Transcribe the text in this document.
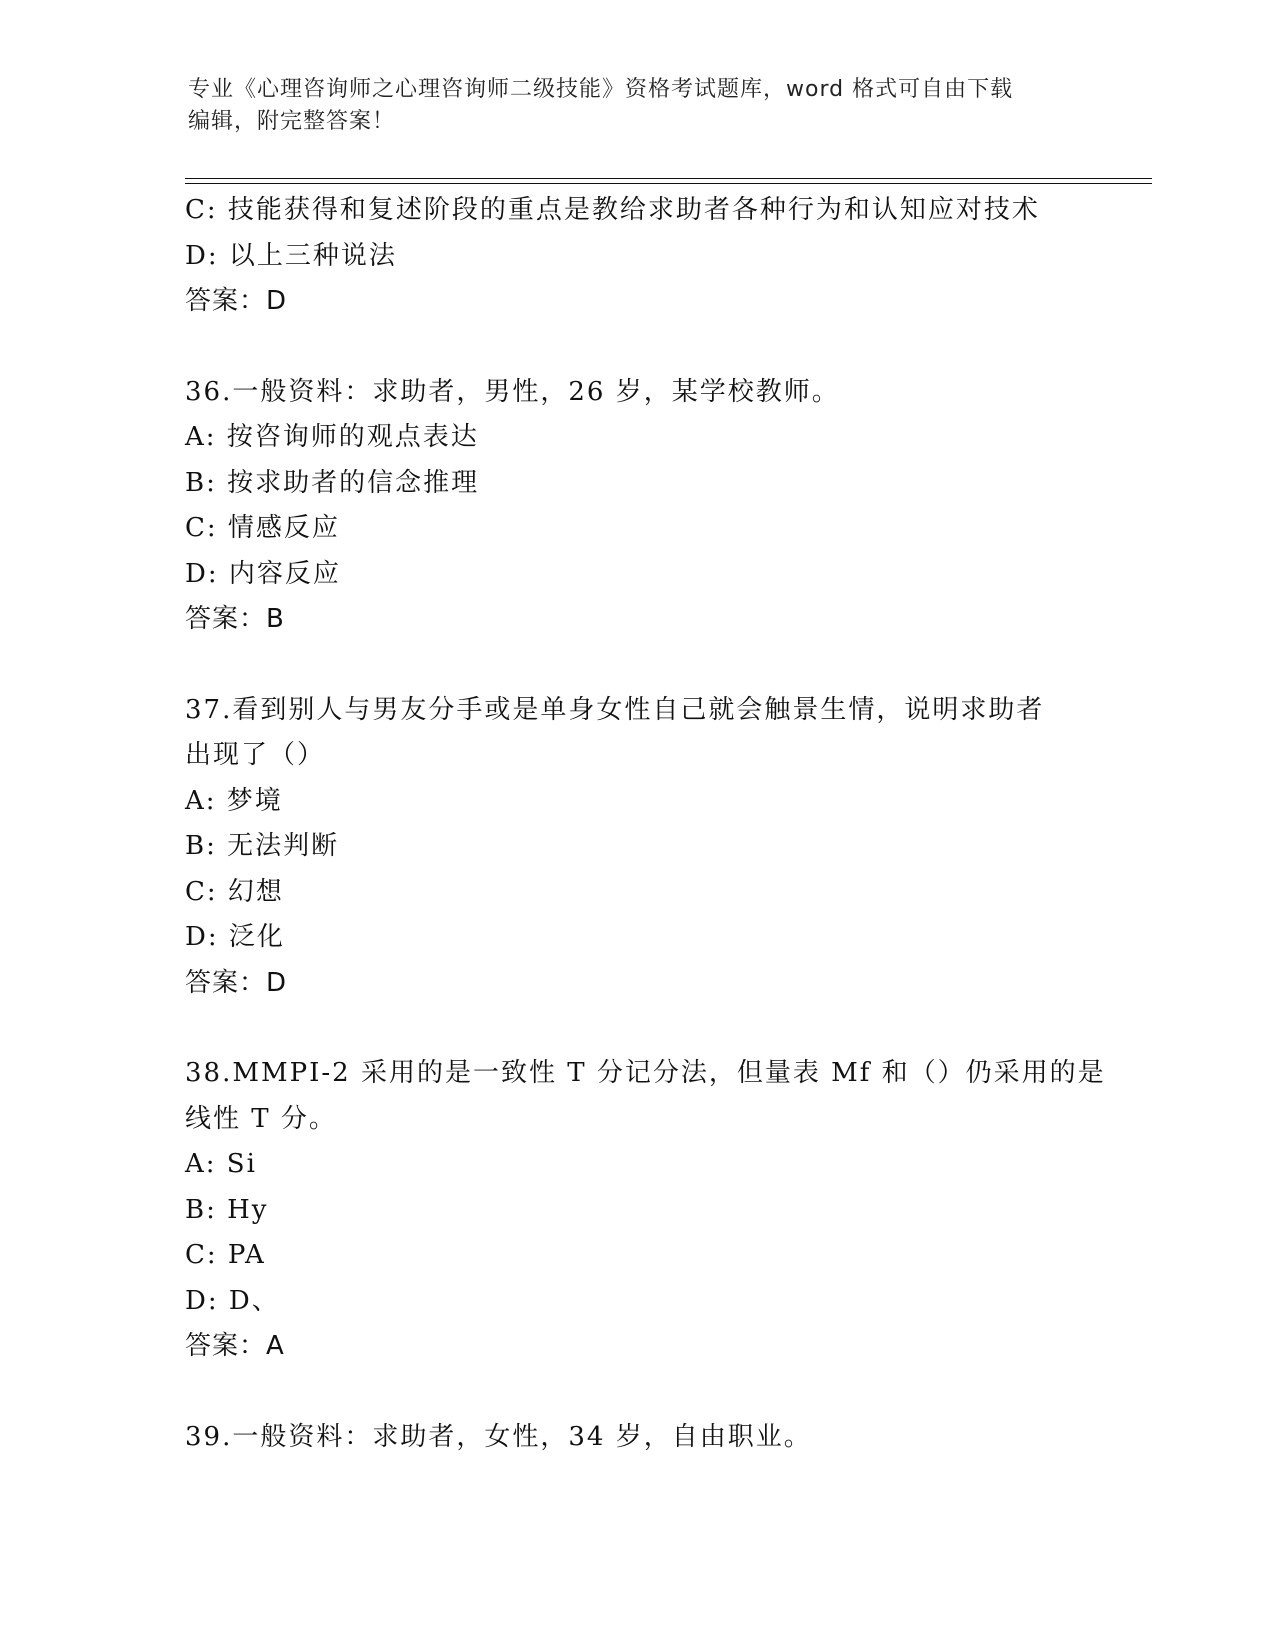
专业《心理咨询师之心理咨询师二级技能》资格考试题库，word 格式可自由下载
编辑，附完整答案！
C: 技能获得和复述阶段的重点是教给求助者各种行为和认知应对技术
D: 以上三种说法
答案：D
36.一般资料：求助者，男性，26 岁，某学校教师。
A: 按咨询师的观点表达
B: 按求助者的信念推理
C: 情感反应
D: 内容反应
答案：B
37.看到别人与男友分手或是单身女性自己就会触景生情，说明求助者
出现了（）
A: 梦境
B: 无法判断
C: 幻想
D: 泛化
答案：D
38.MMPI-2 采用的是一致性 T 分记分法，但量表 Mf 和（）仍采用的是
线性 T 分。
A: Si
B: Hy
C: PA
D: D、
答案：A
39.一般资料：求助者，女性，34 岁，自由职业。
